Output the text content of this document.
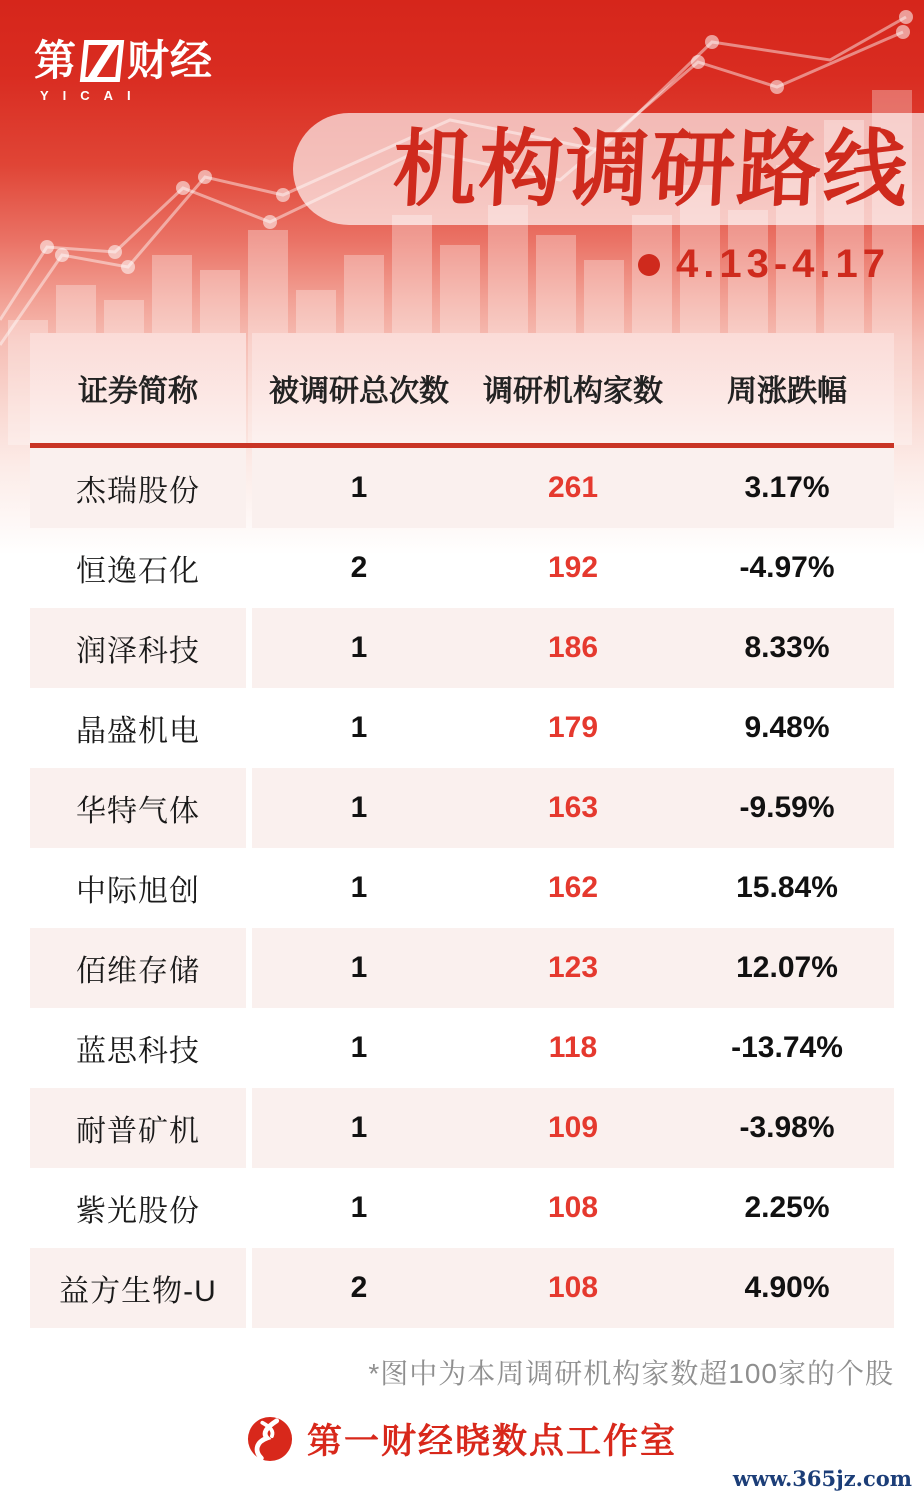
第 财经
YICAI
机构调研路线
4.13-4.17
证券简称 被调研总次数 调研机构家数 周涨跌幅
杰瑞股份	1	261	3.17%
恒逸石化	2	192	-4.97%
润泽科技	1	186	8.33%
晶盛机电	1	179	9.48%
华特气体	1	163	-9.59%
中际旭创	1	162	15.84%
佰维存储	1	123	12.07%
蓝思科技	1	118	-13.74%
耐普矿机	1	109	-3.98%
紫光股份	1	108	2.25%
益方生物-U	2	108	4.90%
*图中为本周调研机构家数超100家的个股
第一财经晓数点工作室
www.365jz.com
